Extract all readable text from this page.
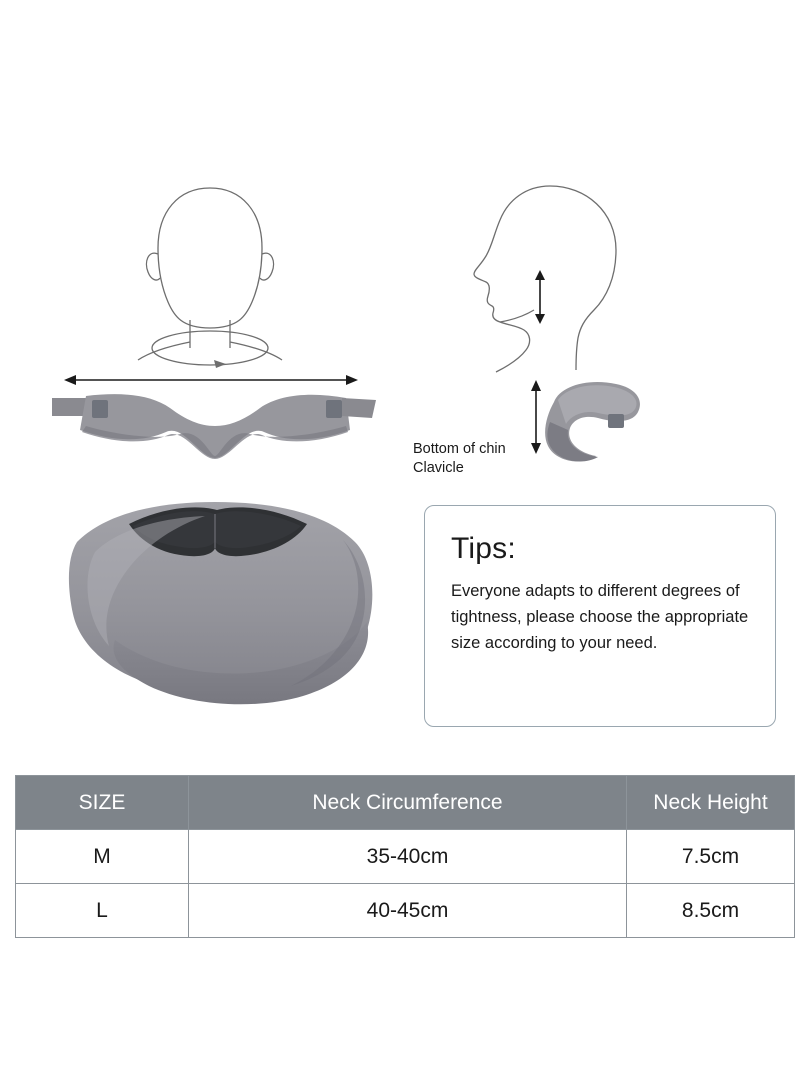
Bottom of chin
Clavicle

Tips:

Everyone adapts to different degrees of tightness, please choose the appropriate size according to your need.

SIZE	Neck Circumference	Neck Height
M	35-40cm	7.5cm
L	40-45cm	8.5cm
